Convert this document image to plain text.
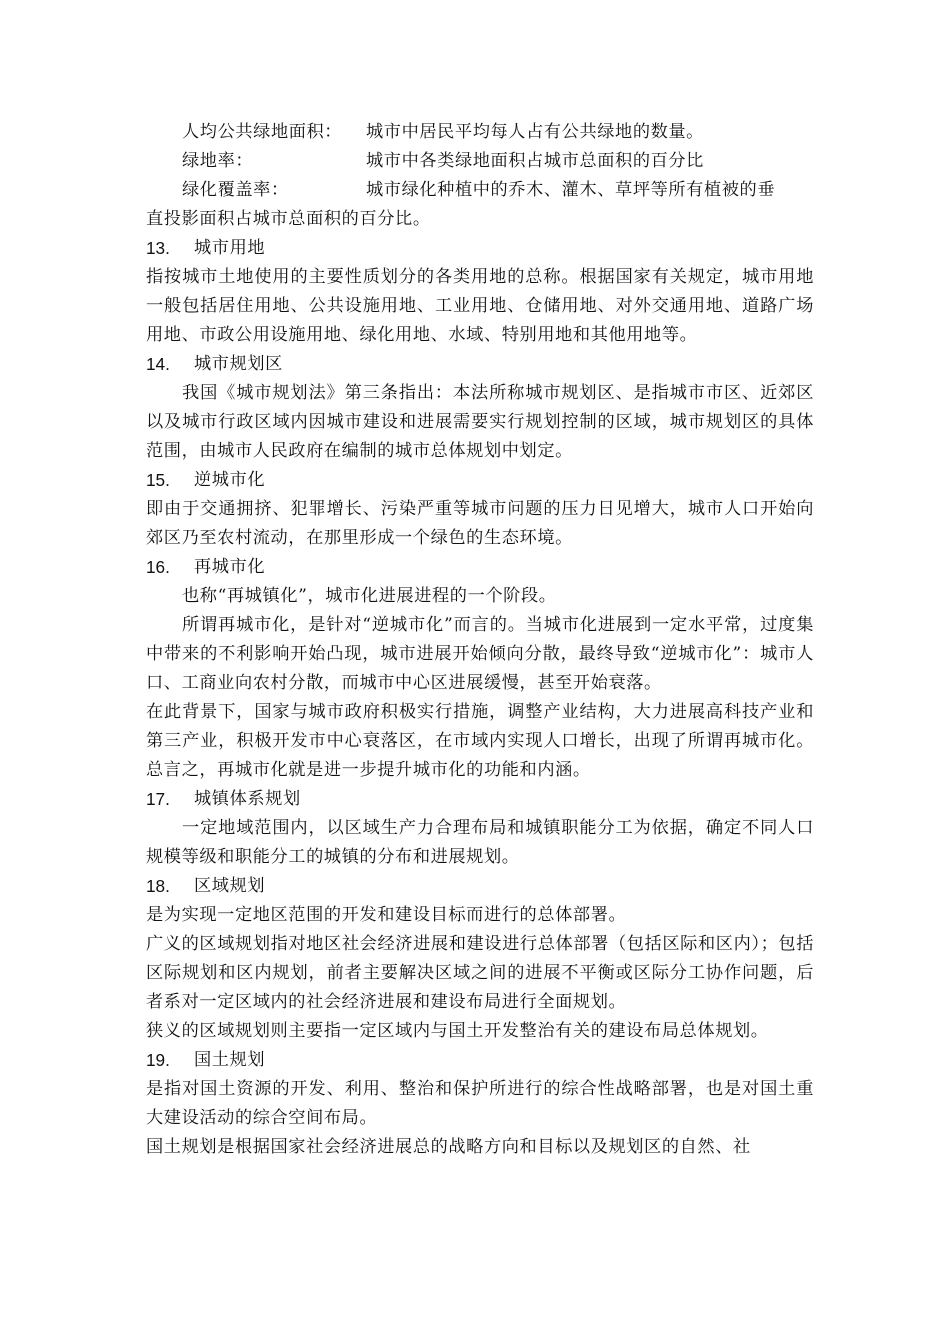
人均公共绿地面积：	城市中居民平均每人占有公共绿地的数量。
绿地率：	城市中各类绿地面积占城市总面积的百分比
绿化覆盖率：	城市绿化种植中的乔木、灌木、草坪等所有植被的垂

直投影面积占城市总面积的百分比。

13.	城市用地

指按城市土地使用的主要性质划分的各类用地的总称。根据国家有关规定，城市用地一般包括居住用地、公共设施用地、工业用地、仓储用地、对外交通用地、道路广场用地、市政公用设施用地、绿化用地、水域、特别用地和其他用地等。

14.	城市规划区

我国《城市规划法》第三条指出：本法所称城市规划区、是指城市市区、近郊区以及城市行政区域内因城市建设和进展需要实行规划控制的区域，城市规划区的具体范围，由城市人民政府在编制的城市总体规划中划定。

15.	逆城市化

即由于交通拥挤、犯罪增长、污染严重等城市问题的压力日见增大，城市人口开始向郊区乃至农村流动，在那里形成一个绿色的生态环境。

16.	再城市化

也称“再城镇化”，城市化进展进程的一个阶段。

所谓再城市化，是针对“逆城市化”而言的。当城市化进展到一定水平常，过度集中带来的不利影响开始凸现，城市进展开始倾向分散，最终导致“逆城市化”：城市人口、工商业向农村分散，而城市中心区进展缓慢，甚至开始衰落。

在此背景下，国家与城市政府积极实行措施，调整产业结构，大力进展高科技产业和第三产业，积极开发市中心衰落区，在市域内实现人口增长，出现了所谓再城市化。总言之，再城市化就是进一步提升城市化的功能和内涵。

17.	城镇体系规划

一定地域范围内，以区域生产力合理布局和城镇职能分工为依据，确定不同人口规模等级和职能分工的城镇的分布和进展规划。

18.	区域规划

是为实现一定地区范围的开发和建设目标而进行的总体部署。

广义的区域规划指对地区社会经济进展和建设进行总体部署（包括区际和区内）；包括区际规划和区内规划，前者主要解决区域之间的进展不平衡或区际分工协作问题，后者系对一定区域内的社会经济进展和建设布局进行全面规划。

狭义的区域规划则主要指一定区域内与国土开发整治有关的建设布局总体规划。

19.	国土规划

是指对国土资源的开发、利用、整治和保护所进行的综合性战略部署，也是对国土重大建设活动的综合空间布局。

国土规划是根据国家社会经济进展总的战略方向和目标以及规划区的自然、社
